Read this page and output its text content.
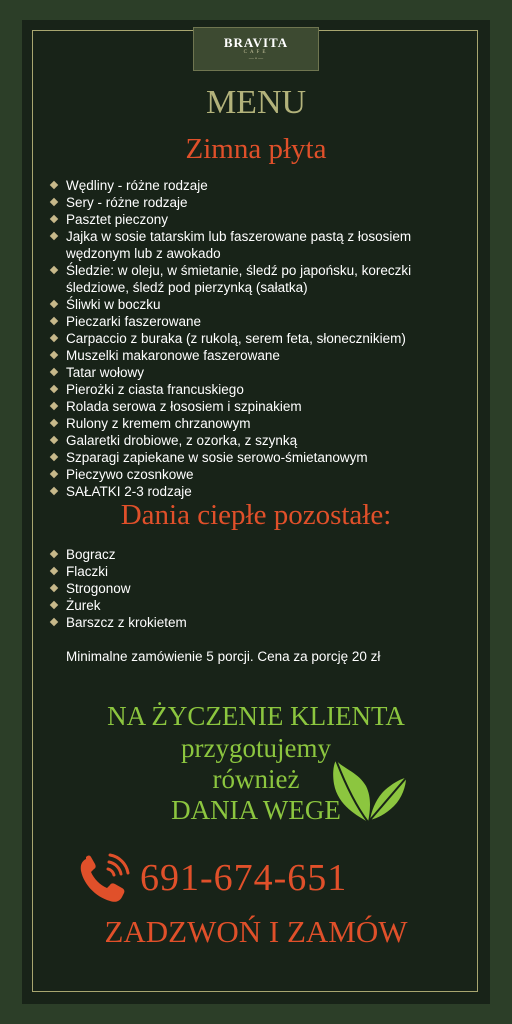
BRAVITA
CAFE
— • —
MENU
Zimna płyta
Wędliny - różne rodzaje
Sery - różne rodzaje
Pasztet pieczony
Jajka w sosie tatarskim lub faszerowane pastą z łososiem wędzonym lub z awokado
Śledzie: w oleju, w śmietanie, śledź po japońsku, koreczki śledziowe, śledź pod pierzynką (sałatka)
Śliwki w boczku
Pieczarki faszerowane
Carpaccio z buraka (z rukolą, serem feta, słonecznikiem)
Muszelki makaronowe faszerowane
Tatar wołowy
Pierożki z ciasta francuskiego
Rolada serowa z łososiem i szpinakiem
Rulony z kremem chrzanowym
Galaretki drobiowe, z ozorka, z szynką
Szparagi zapiekane w sosie serowo-śmietanowym
Pieczywo czosnkowe
SAŁATKI 2-3 rodzaje
Dania ciepłe pozostałe:
Bogracz
Flaczki
Strogonow
Żurek
Barszcz z krokietem
Minimalne zamówienie 5 porcji. Cena za porcję 20 zł
NA ŻYCZENIE KLIENTA
przygotujemy
również
DANIA WEGE
691-674-651
ZADZWOŃ I ZAMÓW
